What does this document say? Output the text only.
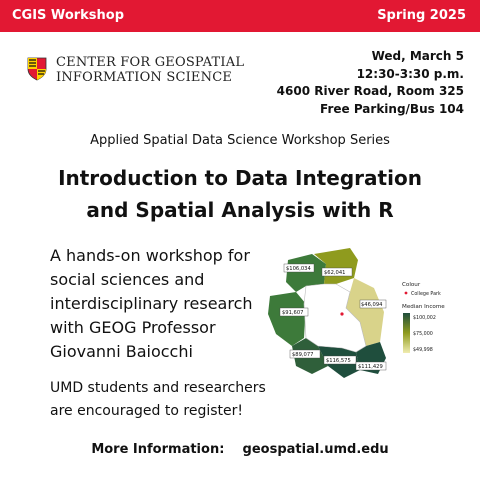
CGIS Workshop	Spring 2025
CENTER FOR GEOSPATIAL
INFORMATION SCIENCE
Wed, March 5
12:30-3:30 p.m.
4600 River Road, Room 325
Free Parking/Bus 104
Applied Spatial Data Science Workshop Series
Introduction to Data Integration
and Spatial Analysis with R
A hands-on workshop for
social sciences and
interdisciplinary research
with GEOG Professor
Giovanni Baiocchi
UMD students and researchers
are encouraged to register!
$106,034
$62,041
$46,094
$91,607
$89,077
$116,575
$111,429
Colour
College Park
Median Income
$100,002
$75,000
$49,998
More Information: geospatial.umd.edu
